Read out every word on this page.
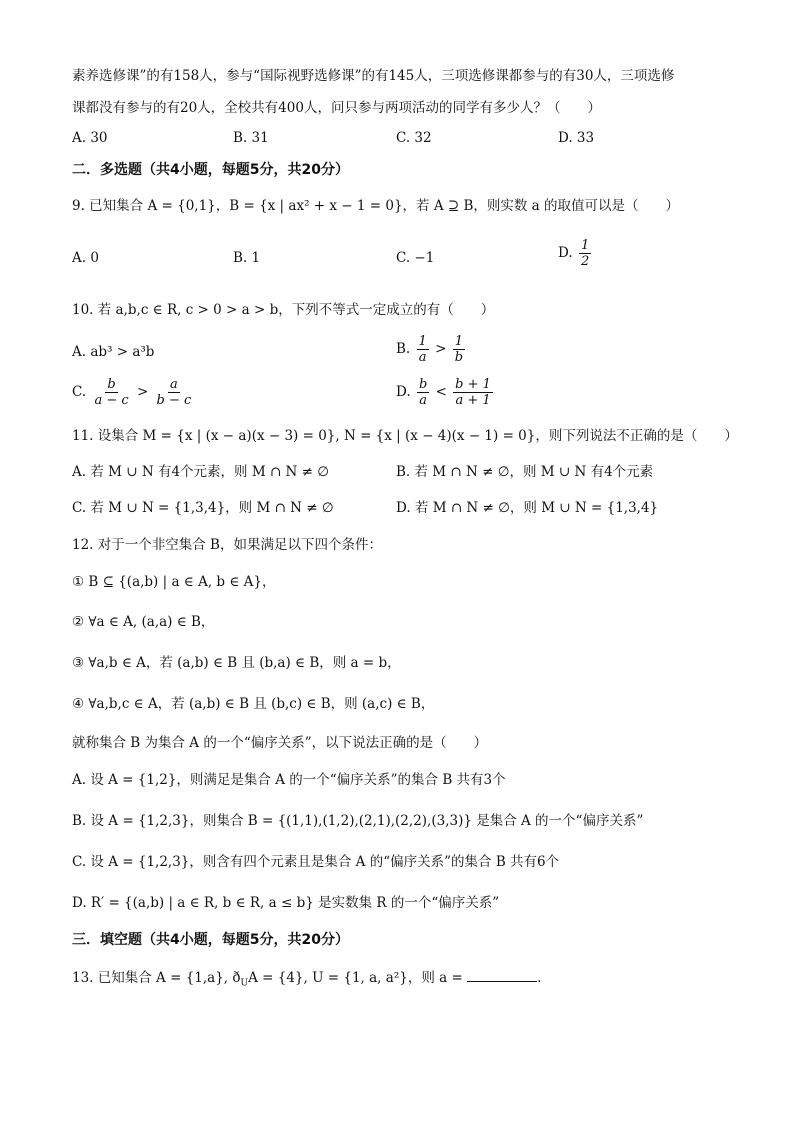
素养选修课”的有158人，参与“国际视野选修课”的有145人，三项选修课都参与的有30人，三项选修
课都没有参与的有20人，全校共有400人，问只参与两项活动的同学有多少人？（　　）
A. 30	B. 31	C. 32	D. 33
二．多选题（共4小题，每题5分，共20分）
9. 已知集合 A = {0,1}，B = {x | ax² + x − 1 = 0}，若 A ⊇ B，则实数 a 的取值可以是（　　）
A. 0	B. 1	C. −1	D. $\frac{1}{2}$
10. 若 a,b,c ∈ R, c > 0 > a > b，下列不等式一定成立的有（　　）
A. ab³ > a³b	B. $\frac{1}{a} > \frac{1}{b}$
C. $\frac{b}{a - c} > \frac{a}{b - c}$	D. $\frac{b}{a} < \frac{b + 1}{a + 1}$
11. 设集合 M = {x | (x − a)(x − 3) = 0}, N = {x | (x − 4)(x − 1) = 0}，则下列说法不正确的是（　　）
A. 若 M ∪ N 有4个元素，则 M ∩ N ≠ ∅	B. 若 M ∩ N ≠ ∅，则 M ∪ N 有4个元素
C. 若 M ∪ N = {1,3,4}，则 M ∩ N ≠ ∅	D. 若 M ∩ N ≠ ∅，则 M ∪ N = {1,3,4}
12. 对于一个非空集合 B，如果满足以下四个条件：
① B ⊆ {(a,b) | a ∈ A, b ∈ A}，
② ∀a ∈ A, (a,a) ∈ B，
③ ∀a,b ∈ A，若 (a,b) ∈ B 且 (b,a) ∈ B，则 a = b，
④ ∀a,b,c ∈ A，若 (a,b) ∈ B 且 (b,c) ∈ B，则 (a,c) ∈ B，
就称集合 B 为集合 A 的一个“偏序关系”，以下说法正确的是（　　）
A. 设 A = {1,2}，则满足是集合 A 的一个“偏序关系”的集合 B 共有3个
B. 设 A = {1,2,3}，则集合 B = {(1,1),(1,2),(2,1),(2,2),(3,3)} 是集合 A 的一个“偏序关系”
C. 设 A = {1,2,3}，则含有四个元素且是集合 A 的“偏序关系”的集合 B 共有6个
D. R′ = {(a,b) | a ∈ R, b ∈ R, a ≤ b} 是实数集 R 的一个“偏序关系”
三．填空题（共4小题，每题5分，共20分）
13. 已知集合 A = {1,a}, $ð_UA = \{4\}$, U = {1, a, a²}，则 a =	.
